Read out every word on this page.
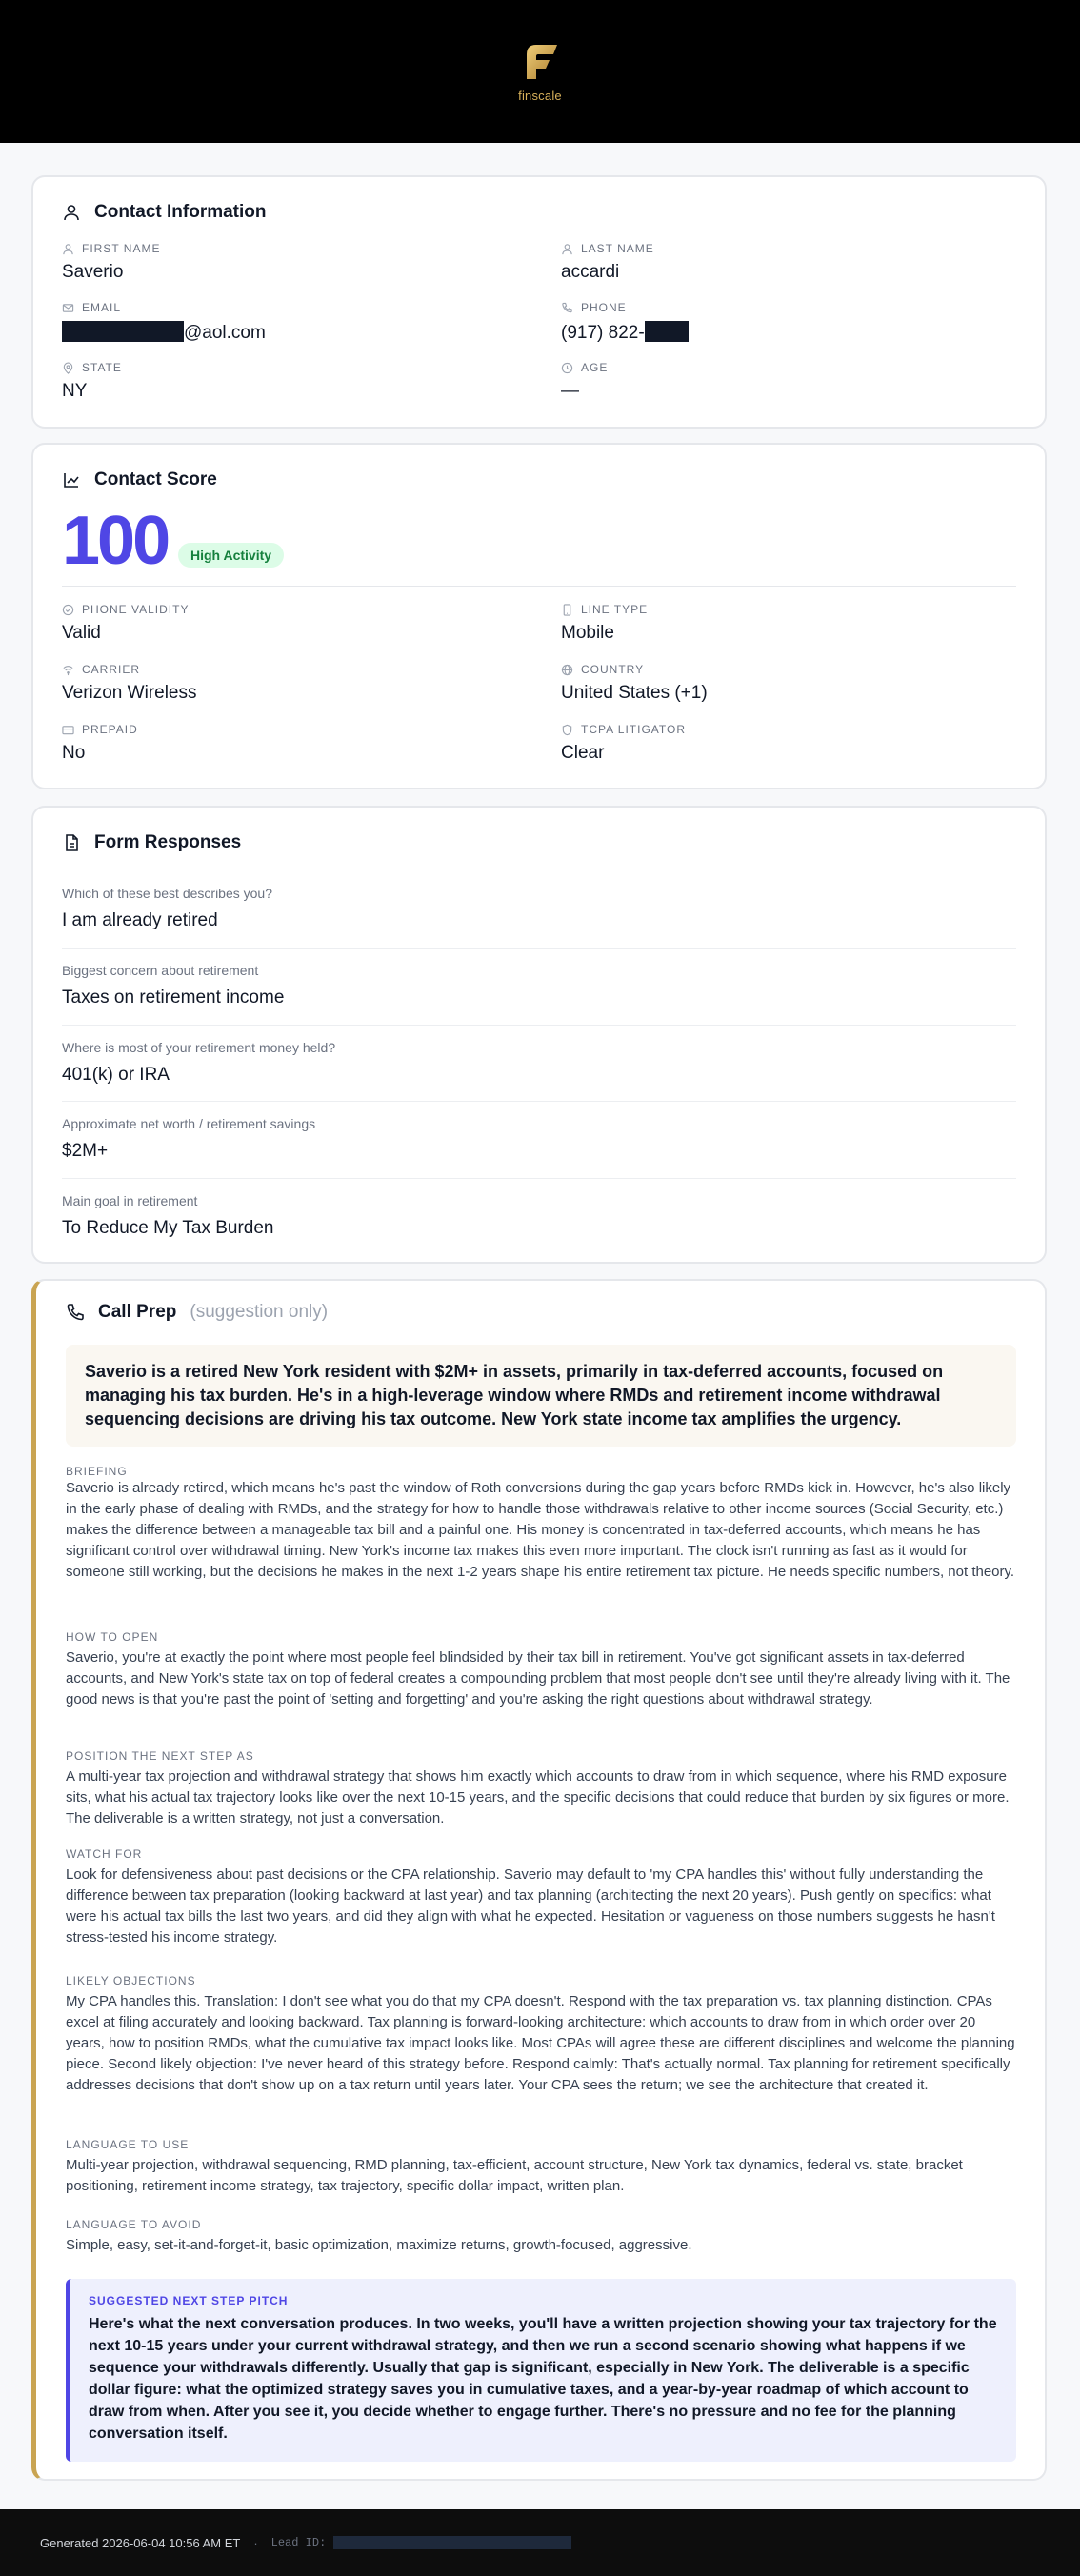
finscale
Contact Information
FIRST NAME
Saverio
LAST NAME
accardi
EMAIL
@aol.com
PHONE
(917) 822-
STATE
NY
AGE
—
Contact Score
100	High Activity
PHONE VALIDITY
Valid
LINE TYPE
Mobile
CARRIER
Verizon Wireless
COUNTRY
United States (+1)
PREPAID
No
TCPA LITIGATOR
Clear
Form Responses
Which of these best describes you?
I am already retired
Biggest concern about retirement
Taxes on retirement income
Where is most of your retirement money held?
401(k) or IRA
Approximate net worth / retirement savings
$2M+
Main goal in retirement
To Reduce My Tax Burden
Call Prep (suggestion only)
Saverio is a retired New York resident with $2M+ in assets, primarily in tax-deferred accounts, focused on managing his tax burden. He's in a high-leverage window where RMDs and retirement income withdrawal sequencing decisions are driving his tax outcome. New York state income tax amplifies the urgency.
BRIEFING
Saverio is already retired, which means he's past the window of Roth conversions during the gap years before RMDs kick in. However, he's also likely in the early phase of dealing with RMDs, and the strategy for how to handle those withdrawals relative to other income sources (Social Security, etc.) makes the difference between a manageable tax bill and a painful one. His money is concentrated in tax-deferred accounts, which means he has significant control over withdrawal timing. New York's income tax makes this even more important. The clock isn't running as fast as it would for someone still working, but the decisions he makes in the next 1-2 years shape his entire retirement tax picture. He needs specific numbers, not theory.
HOW TO OPEN
Saverio, you're at exactly the point where most people feel blindsided by their tax bill in retirement. You've got significant assets in tax-deferred accounts, and New York's state tax on top of federal creates a compounding problem that most people don't see until they're already living with it. The good news is that you're past the point of 'setting and forgetting' and you're asking the right questions about withdrawal strategy.
POSITION THE NEXT STEP AS
A multi-year tax projection and withdrawal strategy that shows him exactly which accounts to draw from in which sequence, where his RMD exposure sits, what his actual tax trajectory looks like over the next 10-15 years, and the specific decisions that could reduce that burden by six figures or more. The deliverable is a written strategy, not just a conversation.
WATCH FOR
Look for defensiveness about past decisions or the CPA relationship. Saverio may default to 'my CPA handles this' without fully understanding the difference between tax preparation (looking backward at last year) and tax planning (architecting the next 20 years). Push gently on specifics: what were his actual tax bills the last two years, and did they align with what he expected. Hesitation or vagueness on those numbers suggests he hasn't stress-tested his income strategy.
LIKELY OBJECTIONS
My CPA handles this. Translation: I don't see what you do that my CPA doesn't. Respond with the tax preparation vs. tax planning distinction. CPAs excel at filing accurately and looking backward. Tax planning is forward-looking architecture: which accounts to draw from in which order over 20 years, how to position RMDs, what the cumulative tax impact looks like. Most CPAs will agree these are different disciplines and welcome the planning piece. Second likely objection: I've never heard of this strategy before. Respond calmly: That's actually normal. Tax planning for retirement specifically addresses decisions that don't show up on a tax return until years later. Your CPA sees the return; we see the architecture that created it.
LANGUAGE TO USE
Multi-year projection, withdrawal sequencing, RMD planning, tax-efficient, account structure, New York tax dynamics, federal vs. state, bracket positioning, retirement income strategy, tax trajectory, specific dollar impact, written plan.
LANGUAGE TO AVOID
Simple, easy, set-it-and-forget-it, basic optimization, maximize returns, growth-focused, aggressive.
SUGGESTED NEXT STEP PITCH
Here's what the next conversation produces. In two weeks, you'll have a written projection showing your tax trajectory for the next 10-15 years under your current withdrawal strategy, and then we run a second scenario showing what happens if we sequence your withdrawals differently. Usually that gap is significant, especially in New York. The deliverable is a specific dollar figure: what the optimized strategy saves you in cumulative taxes, and a year-by-year roadmap of which account to draw from when. After you see it, you decide whether to engage further. There's no pressure and no fee for the planning conversation itself.
Generated 2026-06-04 10:56 AM ET · Lead ID:
